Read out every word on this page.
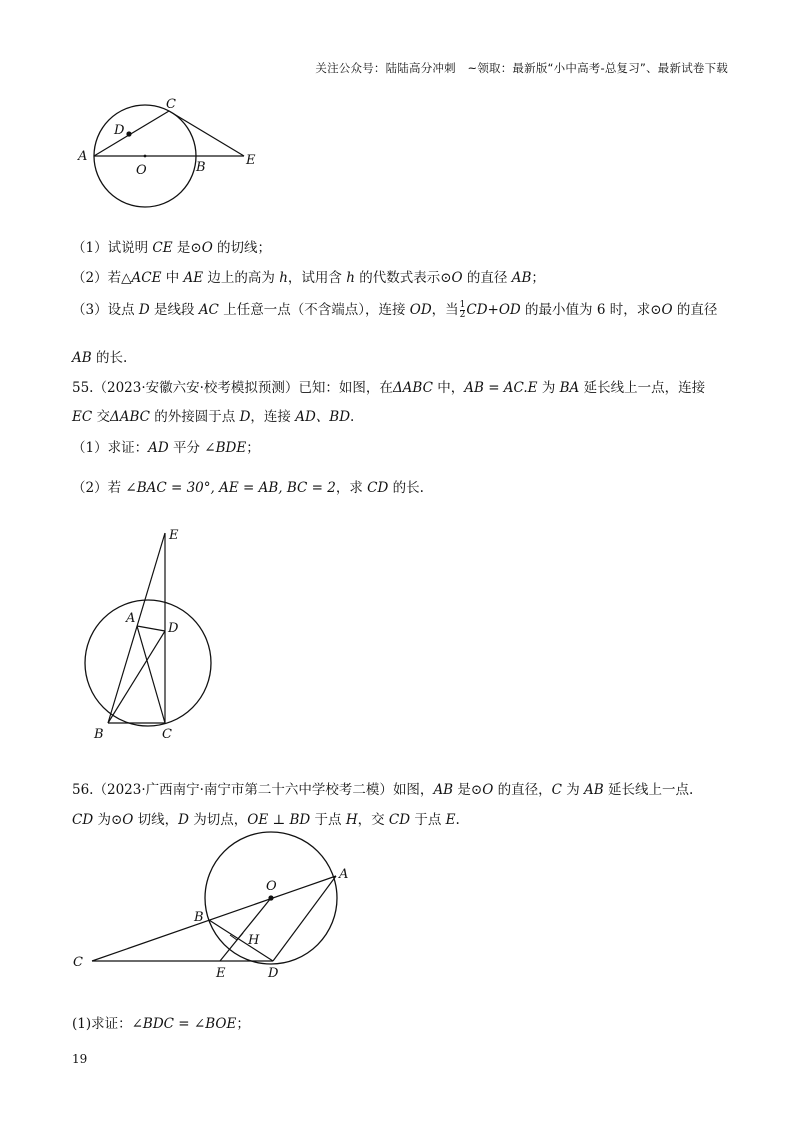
关注公众号：陆陆高分冲刺　~领取：最新版“小中高考-总复习”、最新试卷下载
A
B
C
D
E
O
（1）试说明 CE 是⊙O 的切线；
（2）若△ACE 中 AE 边上的高为 h，试用含 h 的代数式表示⊙O 的直径 AB；
（3）设点 D 是线段 AC 上任意一点（不含端点），连接 OD，当 $\frac{1}{2} CD+OD$ 的最小值为 6 时，求⊙O 的直径
AB 的长.
55.（2023·安徽六安·校考模拟预测）已知：如图，在ΔABC 中，AB = AC.E 为 BA 延长线上一点，连接
EC 交ΔABC 的外接圆于点 D，连接 AD、BD.
（1）求证：AD 平分 ∠BDE；
（2）若 ∠BAC = 30°, AE = AB, BC = 2，求 CD 的长.
E
A
D
B	C
56.（2023·广西南宁·南宁市第二十六中学校考二模）如图，AB 是⊙O 的直径，C 为 AB 延长线上一点.
CD 为⊙O 切线，D 为切点，OE ⊥ BD 于点 H，交 CD 于点 E.
O
A
B
C
D
E
H
(1)求证：∠BDC = ∠BOE；
19
